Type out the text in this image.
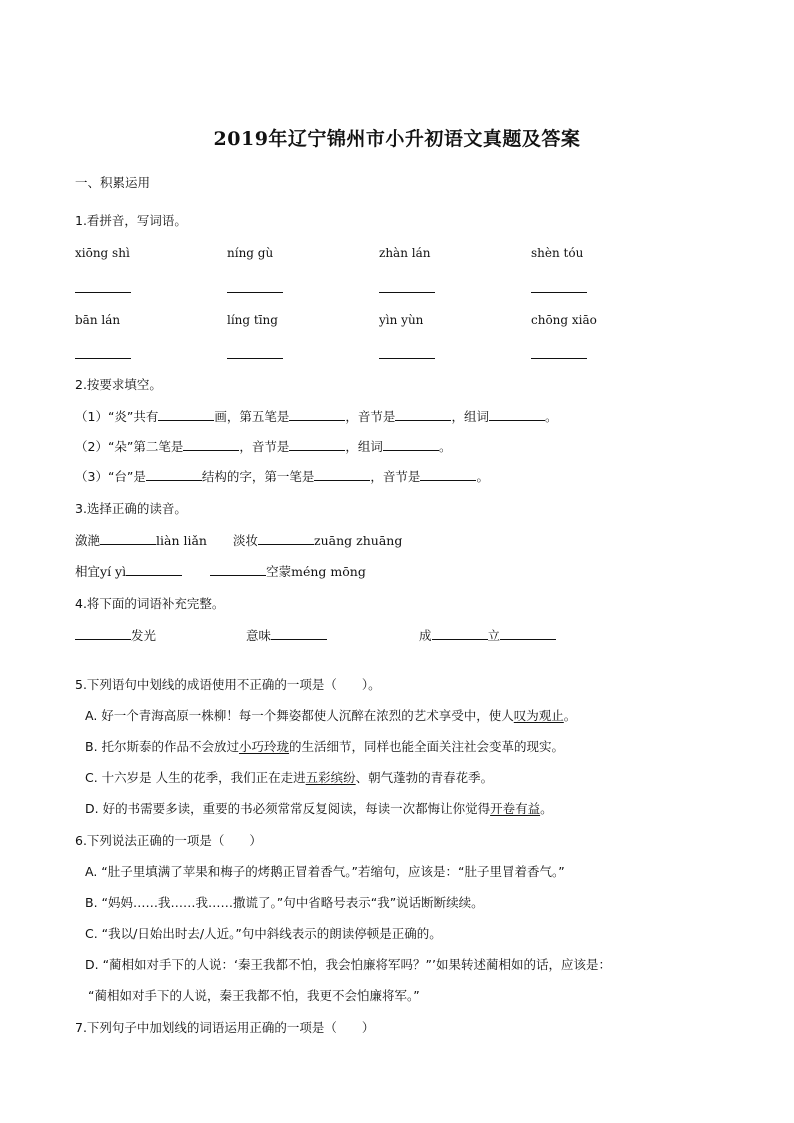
2019年辽宁锦州市小升初语文真题及答案
一、积累运用
1.看拼音，写词语。
xiōng shì	níng gù	zhàn lán	shèn tóu
bān lán	líng tīng	yìn yùn	chōng xiāo
2.按要求填空。
（1）“炎”共有	画，第五笔是	，音节是	，组词	。
（2）“朵”第二笔是	，音节是	，组词	。
（3）“台”是	结构的字，第一笔是	，音节是	。
3.选择正确的读音。
潋滟	liàn liǎn 淡妆	zuāng zhuāng
相宜yí yì	空蒙méng mōng
4.将下面的词语补充完整。
发光	意味	成	立
5.下列语句中划线的成语使用不正确的一项是（　　）。
A. 好一个青海高原一株柳！每一个舞姿都使人沉醉在浓烈的艺术享受中，使人叹为观止。
B. 托尔斯泰的作品不会放过小巧玲珑的生活细节，同样也能全面关注社会变革的现实。
C. 十六岁是 人生的花季，我们正在走进五彩缤纷、朝气蓬勃的青春花季。
D. 好的书需要多读，重要的书必须常常反复阅读，每读一次都悔让你觉得开卷有益。
6.下列说法正确的一项是（　　）
A. “肚子里填满了苹果和梅子的烤鹅正冒着香气。”若缩句，应该是：“肚子里冒着香气。”
B. “妈妈……我……我……撒谎了。”句中省略号表示“我”说话断断续续。
C. “我以/日始出时去/人近。”句中斜线表示的朗读停顿是正确的。
D. “蔺相如对手下的人说：‘秦王我都不怕，我会怕廉将军吗？”’如果转述蔺相如的话，应该是：
“蔺相如对手下的人说，秦王我都不怕，我更不会怕廉将军。”
7.下列句子中加划线的词语运用正确的一项是（　　）
